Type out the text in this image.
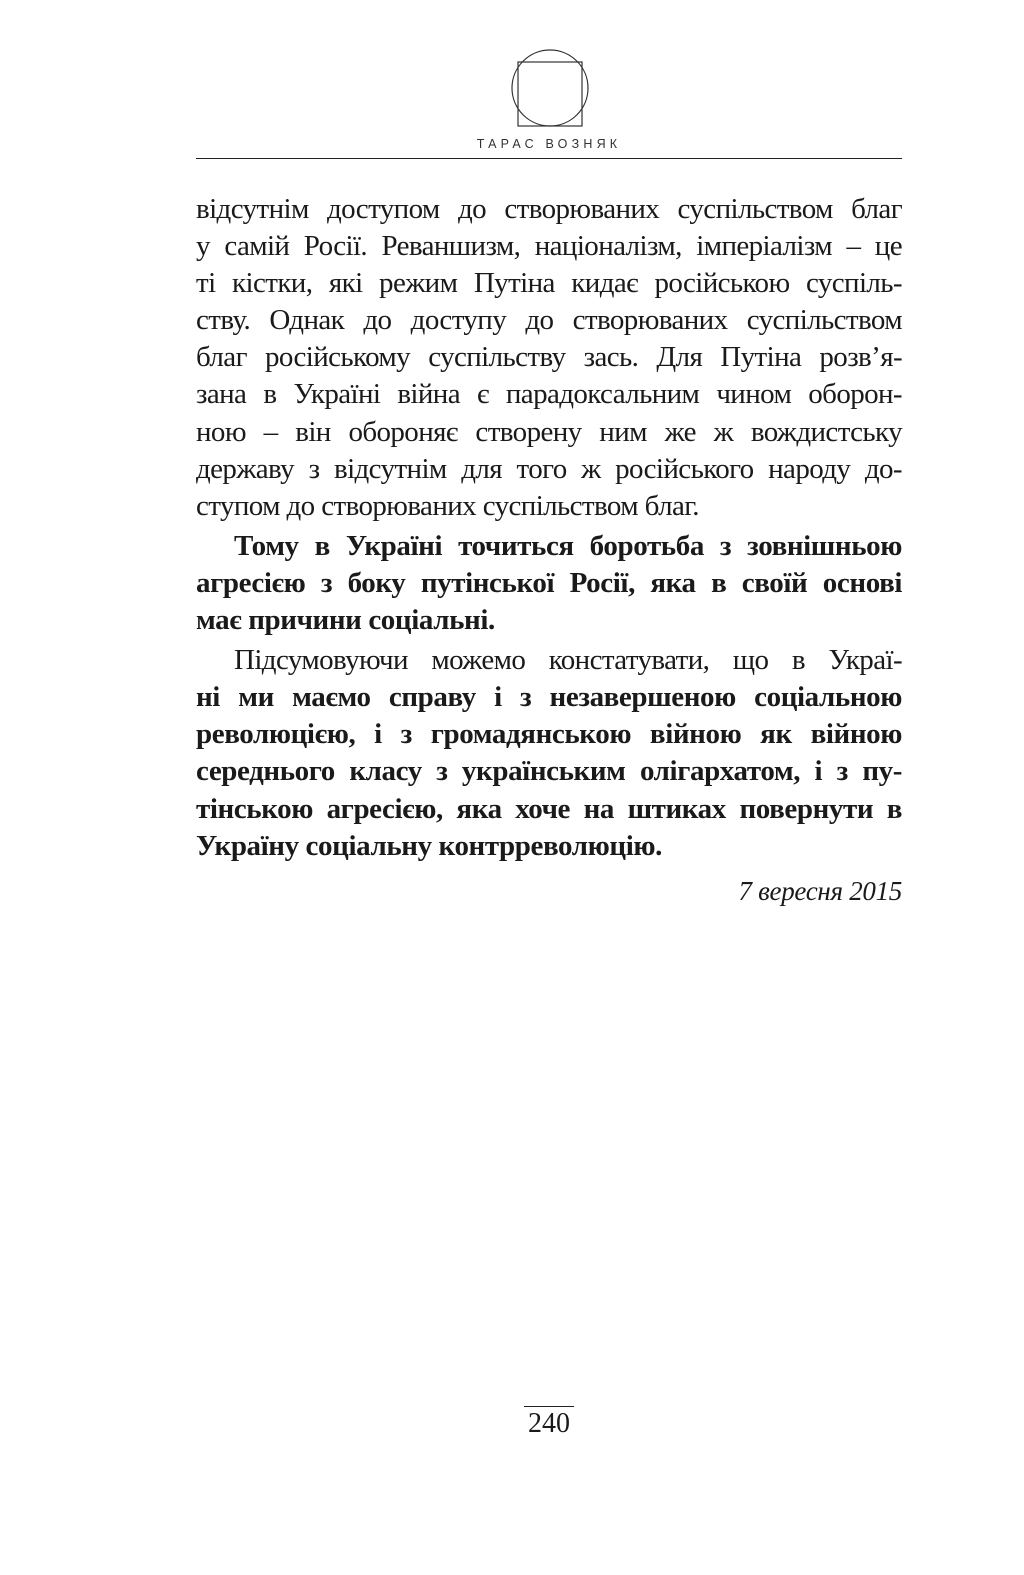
ТАРАС ВОЗНЯК

відсутнім доступом до створюваних суспільством благ
у самій Росії. Реваншизм, націоналізм, імперіалізм – це
ті кістки, які режим Путіна кидає російською суспіль-
ству. Однак до доступу до створюваних суспільством
благ російському суспільству зась. Для Путіна розв’я-
зана в Україні війна є парадоксальним чином оборон-
ною – він обороняє створену ним же ж вождистську
державу з відсутнім для того ж російського народу до-
ступом до створюваних суспільством благ.

Тому в Україні точиться боротьба з зовнішньою
агресією з боку путінської Росії, яка в своїй основі
має причини соціальні.

Підсумовуючи можемо констатувати, що в Украї-
ні ми маємо справу і з незавершеною соціальною
революцією, і з громадянською війною як війною
середнього класу з українським олігархатом, і з пу-
тінською агресією, яка хоче на штиках повернути в
Україну соціальну контрреволюцію.

7 вересня 2015
240
